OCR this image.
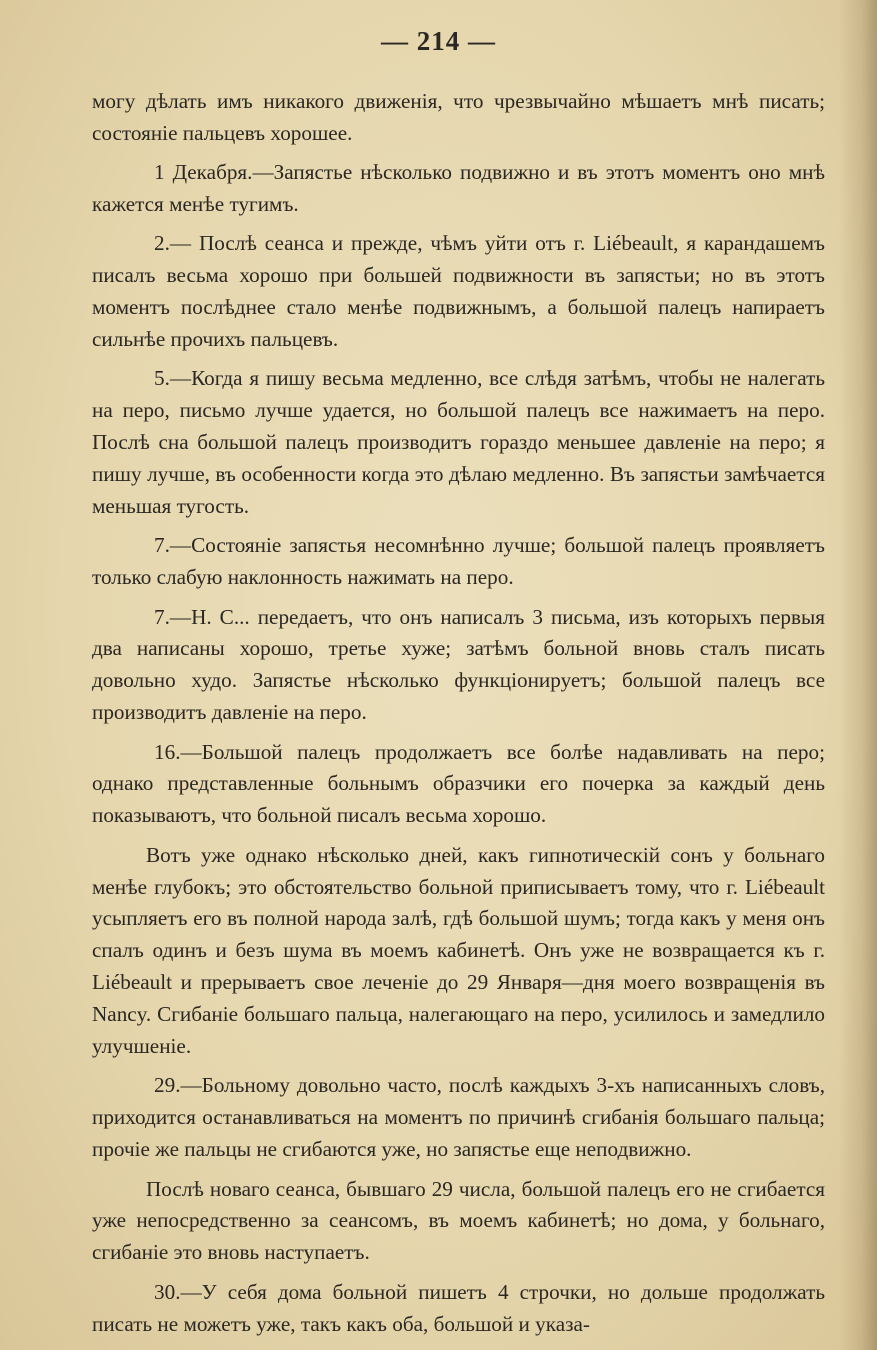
— 214 —

могу дѣлать имъ никакого движенія, что чрезвычайно мѣшаетъ мнѣ писать; состояніе пальцевъ хорошее.

1 Декабря.—Запястье нѣсколько подвижно и въ этотъ моментъ оно мнѣ кажется менѣе тугимъ.

2.— Послѣ сеанса и прежде, чѣмъ уйти отъ г. Liébeault, я карандашемъ писалъ весьма хорошо при большей подвижности въ запястьи; но въ этотъ моментъ послѣднее стало менѣе подвижнымъ, а большой палецъ напираетъ сильнѣе прочихъ пальцевъ.

5.—Когда я пишу весьма медленно, все слѣдя затѣмъ, чтобы не налегать на перо, письмо лучше удается, но большой палецъ все нажимаетъ на перо. Послѣ сна большой палецъ производитъ гораздо меньшее давленіе на перо; я пишу лучше, въ особенности когда это дѣлаю медленно. Въ запястьи замѣчается меньшая тугость.

7.—Состояніе запястья несомнѣнно лучше; большой палецъ проявляетъ только слабую наклонность нажимать на перо.

7.—Н. С... передаетъ, что онъ написалъ 3 письма, изъ которыхъ первыя два написаны хорошо, третье хуже; затѣмъ больной вновь сталъ писать довольно худо. Запястье нѣсколько функціонируетъ; большой палецъ все производитъ давленіе на перо.

16.—Большой палецъ продолжаетъ все болѣе надавливать на перо; однако представленные больнымъ образчики его почерка за каждый день показываютъ, что больной писалъ весьма хорошо.

Вотъ уже однако нѣсколько дней, какъ гипнотическій сонъ у больнаго менѣе глубокъ; это обстоятельство больной приписываетъ тому, что г. Liébeault усыпляетъ его въ полной народа залѣ, гдѣ большой шумъ; тогда какъ у меня онъ спалъ одинъ и безъ шума въ моемъ кабинетѣ. Онъ уже не возвращается къ г. Liébeault и прерываетъ свое леченіе до 29 Января—дня моего возвращенія въ Nancy. Сгибаніе большаго пальца, налегающаго на перо, усилилось и замедлило улучшеніе.

29.—Больному довольно часто, послѣ каждыхъ 3-хъ написанныхъ словъ, приходится останавливаться на моментъ по причинѣ сгибанія большаго пальца; прочіе же пальцы не сгибаются уже, но запястье еще неподвижно.

Послѣ новаго сеанса, бывшаго 29 числа, большой палецъ его не сгибается уже непосредственно за сеансомъ, въ моемъ кабинетѣ; но дома, у больнаго, сгибаніе это вновь наступаетъ.

30.—У себя дома больной пишетъ 4 строчки, но дольше продолжать писать не можетъ уже, такъ какъ оба, большой и указа-
